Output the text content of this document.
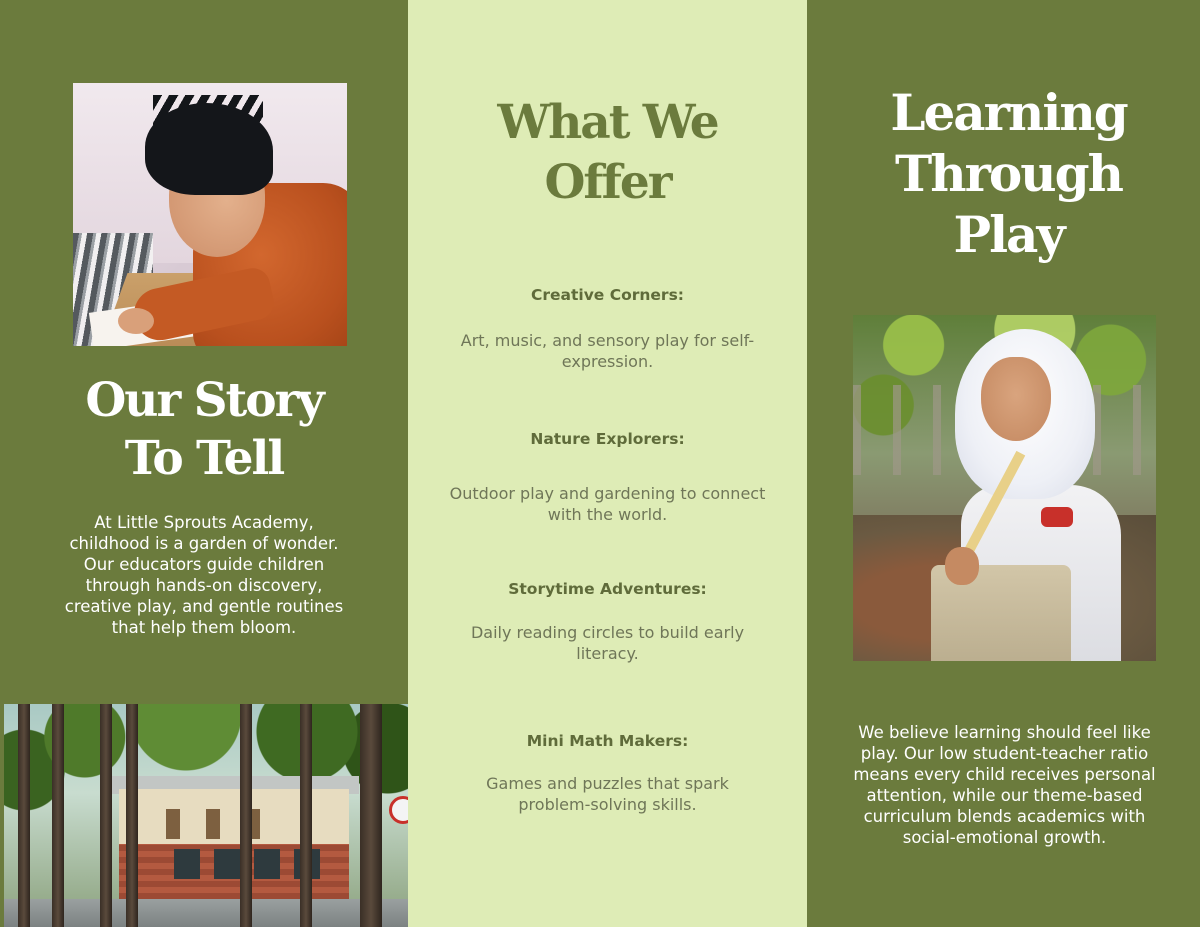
Our Story
To Tell

At Little Sprouts Academy, childhood is a garden of wonder. Our educators guide children through hands-on discovery, creative play, and gentle routines that help them bloom.

What We
Offer

Creative Corners:

Art, music, and sensory play for self-expression.

Nature Explorers:

Outdoor play and gardening to connect with the world.

Storytime Adventures:

Daily reading circles to build early literacy.

Mini Math Makers:

Games and puzzles that spark problem-solving skills.

Learning
Through
Play

We believe learning should feel like play. Our low student-teacher ratio means every child receives personal attention, while our theme-based curriculum blends academics with social-emotional growth.
